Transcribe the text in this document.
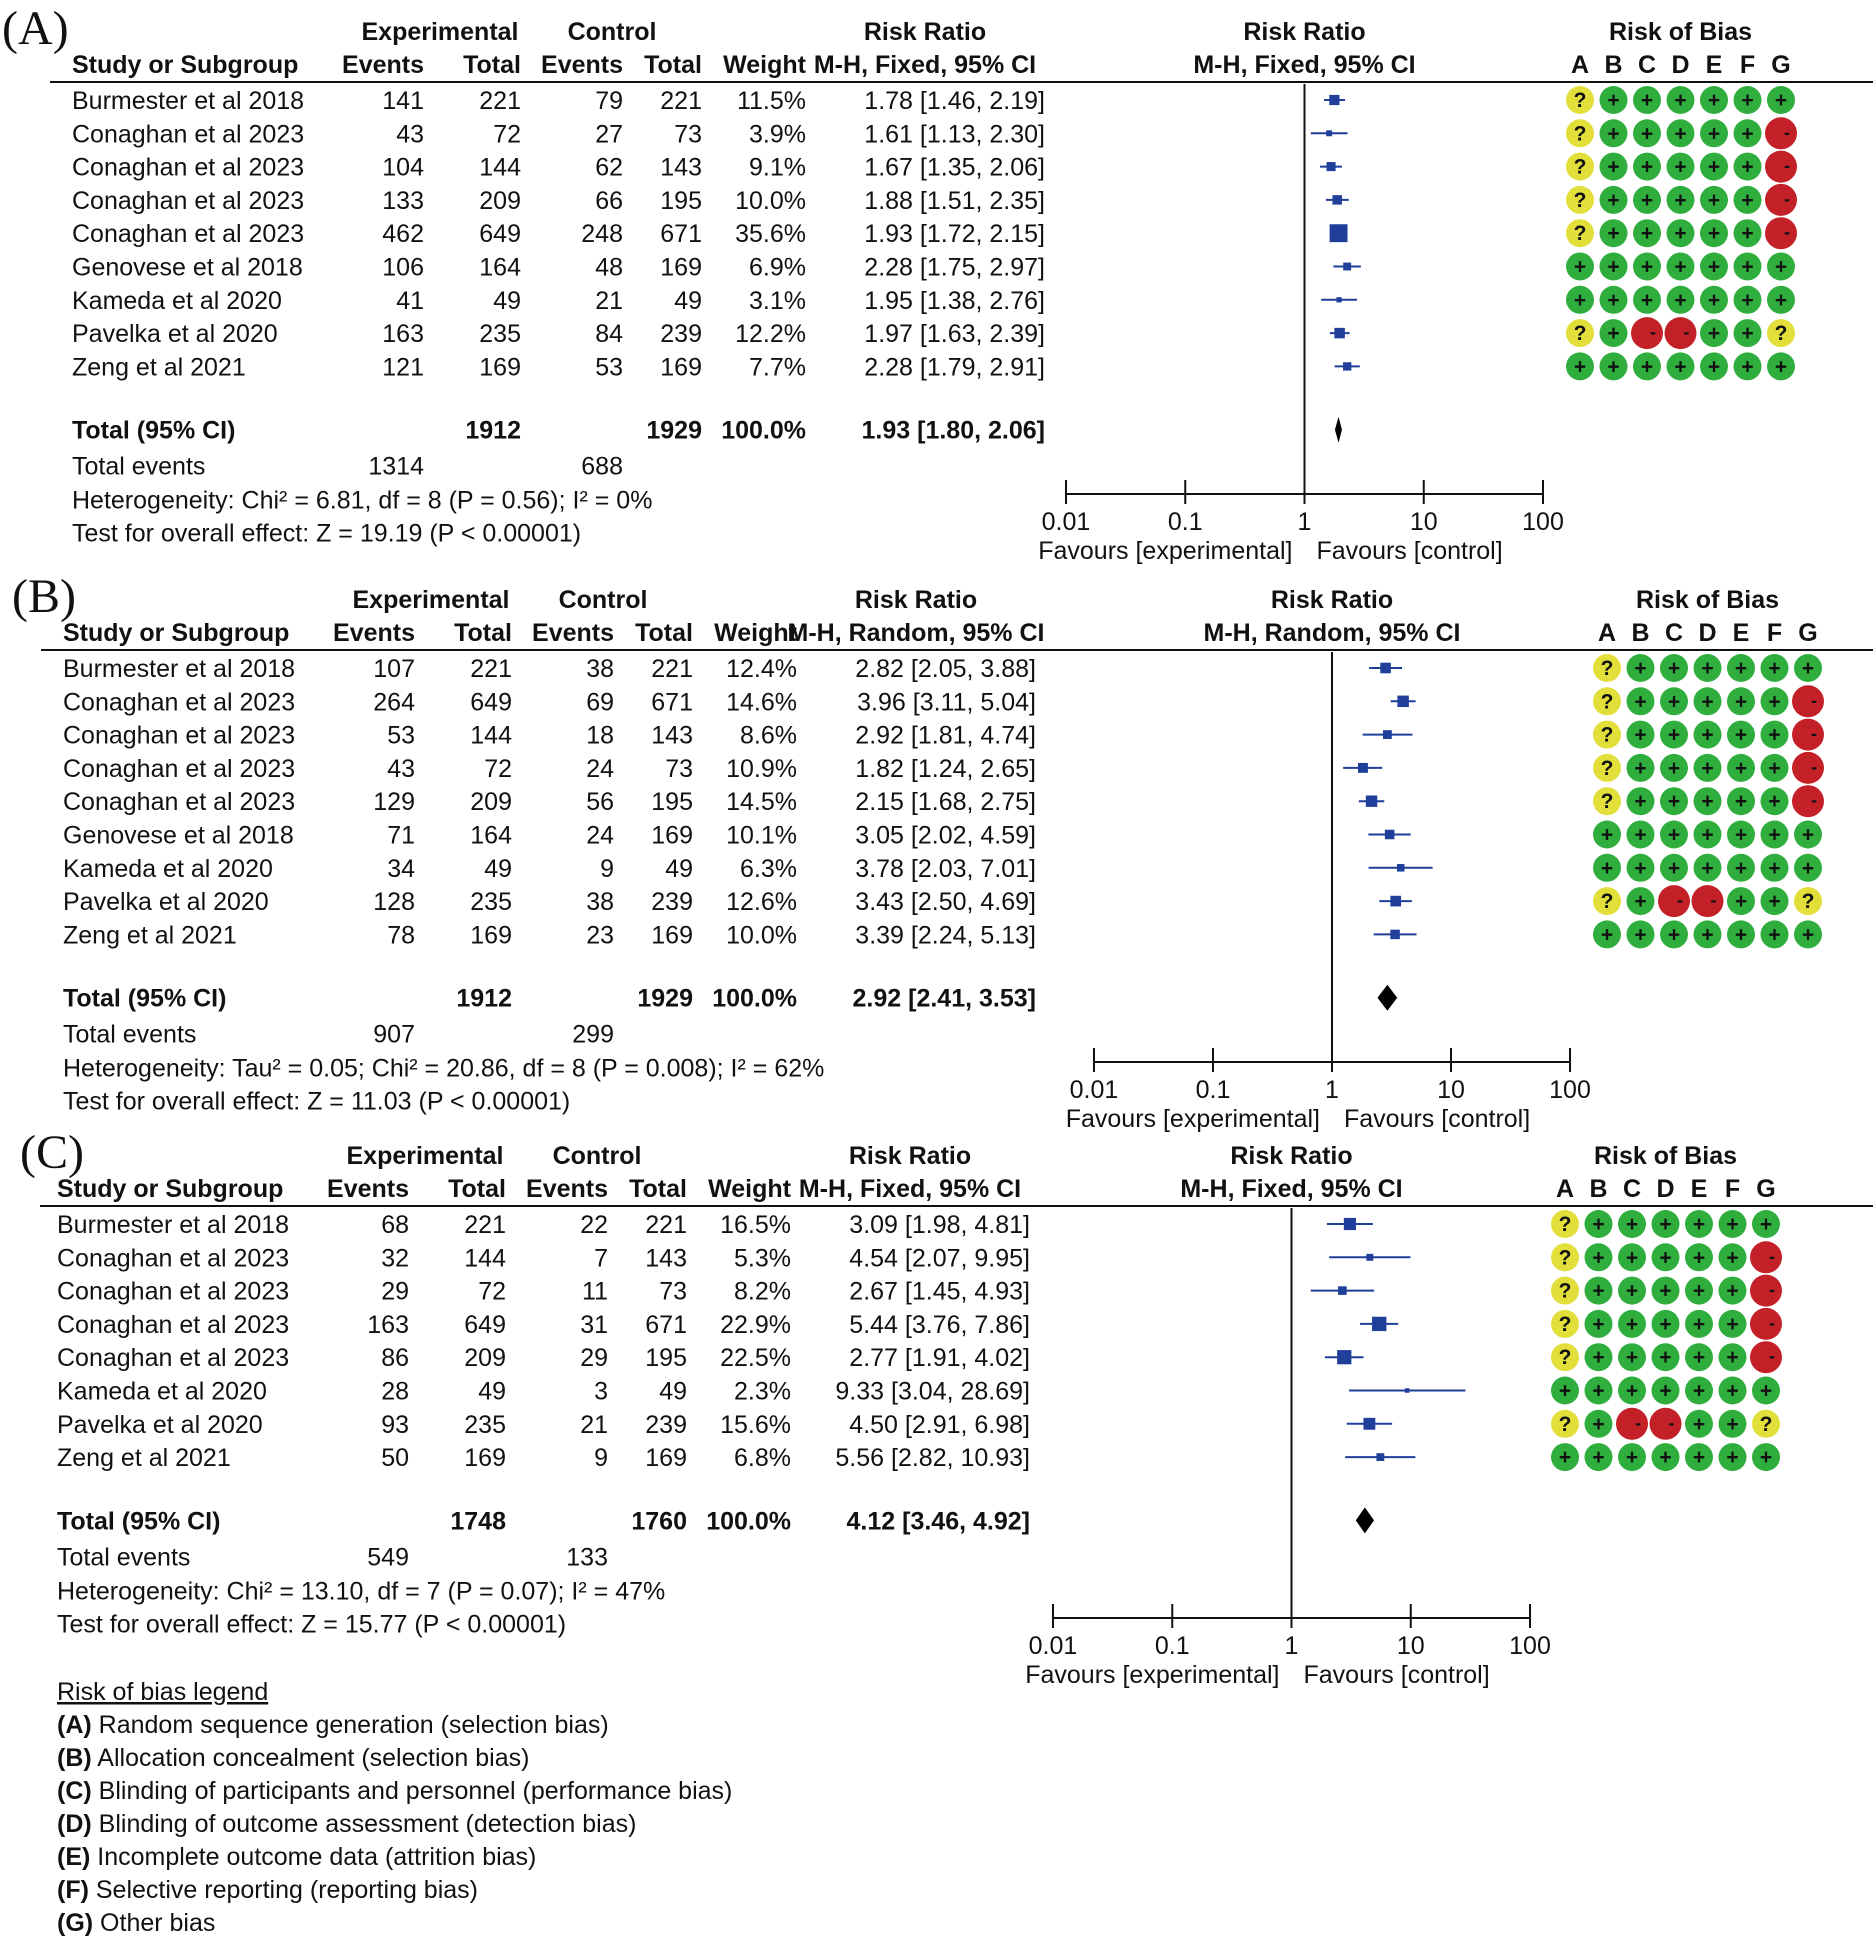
(A)	Experimental Control	Risk Ratio	Risk Ratio	Risk of Bias
Study or Subgroup Events Total Events Total Weight M-H, Fixed, 95% CI	M-H, Fixed, 95% CI	A B C D E F G
Burmester et al 2018	141 221	79 221 11.5% 1.78 [1.46, 2.19]	? + + + + + +
Conaghan et al 2023	43	72	27 73 3.9% 1.61 [1.13, 2.30]	? + + + + + -
Conaghan et al 2023	104 144	62 143 9.1% 1.67 [1.35, 2.06]	? + + + + + -
Conaghan et al 2023	133 209	66 195 10.0% 1.88 [1.51, 2.35]	? + + + + + -
Conaghan et al 2023	462 649 248 671 35.6% 1.93 [1.72, 2.15]	? + + + + + -
Genovese et al 2018	106 164	48 169 6.9% 2.28 [1.75, 2.97]	+ + + + + + +
Kameda et al 2020	41	49	21 49 3.1% 1.95 [1.38, 2.76]	+ + + + + + +
Pavelka et al 2020	163 235	84 239 12.2% 1.97 [1.63, 2.39]	? + - - + + ?
Zeng et al 2021	121 169	53 169 7.7% 2.28 [1.79, 2.91]	+ + + + + + +
Total (95% CI)	1912	1929 100.0% 1.93 [1.80, 2.06]
Total events	1314	688
Heterogeneity: Chi² = 6.81, df = 8 (P = 0.56); I² = 0%
Test for overall effect: Z = 19.19 (P < 0.00001)	0.01	0.1	1	10	100
Favours [experimental] Favours [control]
(B)	Experimental Control	Risk Ratio	Risk Ratio	Risk of Bias
Study or Subgroup Events Total Events Total Weight
M-H, Random, 95% CI	M-H, Random, 95% CI	A B C D E F G
Burmester et al 2018	107 221	38 221 12.4% 2.82 [2.05, 3.88]	? + + + + + +
Conaghan et al 2023	264 649	69 671 14.6% 3.96 [3.11, 5.04]	? + + + + + -
Conaghan et al 2023	53 144	18 143 8.6% 2.92 [1.81, 4.74]	? + + + + + -
Conaghan et al 2023	43	72	24 73 10.9% 1.82 [1.24, 2.65]	? + + + + + -
Conaghan et al 2023	129 209	56 195 14.5% 2.15 [1.68, 2.75]	? + + + + + -
Genovese et al 2018	71 164	24 169 10.1% 3.05 [2.02, 4.59]	+ + + + + + +
Kameda et al 2020	34	49	9 49 6.3% 3.78 [2.03, 7.01]	+ + + + + + +
Pavelka et al 2020	128 235	38 239 12.6% 3.43 [2.50, 4.69]	? + - - + + ?
Zeng et al 2021	78 169	23 169 10.0% 3.39 [2.24, 5.13]	+ + + + + + +
Total (95% CI)	1912	1929 100.0% 2.92 [2.41, 3.53]
Total events	907	299
Heterogeneity: Tau² = 0.05; Chi² = 20.86, df = 8 (P = 0.008); I² = 62%
Test for overall effect: Z = 11.03 (P < 0.00001)	0.01	0.1	1	10	100
Favours [experimental] Favours [control]
(C)	Experimental Control	Risk Ratio	Risk Ratio	Risk of Bias
Study or Subgroup Events Total Events Total Weight M-H, Fixed, 95% CI	M-H, Fixed, 95% CI	A B C D E F G
Burmester et al 2018	68 221	22 221 16.5% 3.09 [1.98, 4.81]	? + + + + + +
Conaghan et al 2023	32 144	7 143 5.3% 4.54 [2.07, 9.95]	? + + + + + -
Conaghan et al 2023	29	72	11 73 8.2% 2.67 [1.45, 4.93]	? + + + + + -
Conaghan et al 2023	163 649	31 671 22.9% 5.44 [3.76, 7.86]	? + + + + + -
Conaghan et al 2023	86 209	29 195 22.5% 2.77 [1.91, 4.02]	? + + + + + -
Kameda et al 2020	28	49	3 49 2.3% 9.33 [3.04, 28.69]	+ + + + + + +
Pavelka et al 2020	93 235	21 239 15.6% 4.50 [2.91, 6.98]	? + - - + + ?
Zeng et al 2021	50 169	9 169 6.8% 5.56 [2.82, 10.93]	+ + + + + + +
Total (95% CI)	1748	1760 100.0% 4.12 [3.46, 4.92]
Total events	549	133
Heterogeneity: Chi² = 13.10, df = 7 (P = 0.07); I² = 47%
Test for overall effect: Z = 15.77 (P < 0.00001)
0.01	0.1	1	10	100
Favours [experimental] Favours [control]
Risk of bias legend
(A) Random sequence generation (selection bias)
(B) Allocation concealment (selection bias)
(C) Blinding of participants and personnel (performance bias)
(D) Blinding of outcome assessment (detection bias)
(E) Incomplete outcome data (attrition bias)
(F) Selective reporting (reporting bias)
(G) Other bias
